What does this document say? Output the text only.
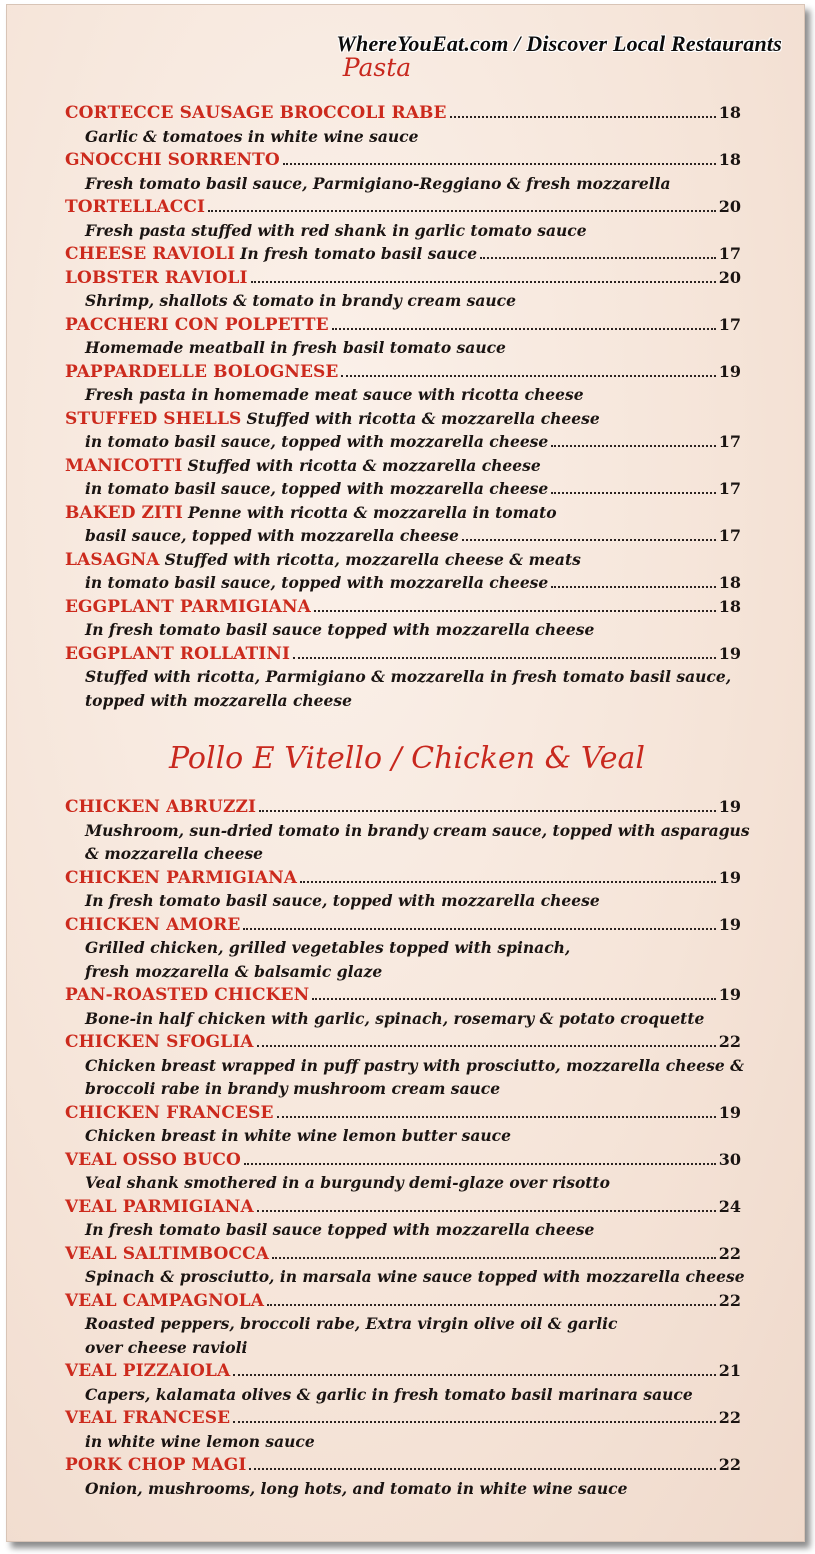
WhereYouEat.com / Discover Local Restaurants
Pasta
CORTECCE SAUSAGE BROCCOLI RABE	18
Garlic & tomatoes in white wine sauce
GNOCCHI SORRENTO	18
Fresh tomato basil sauce, Parmigiano-Reggiano & fresh mozzarella
TORTELLACCI	20
Fresh pasta stuffed with red shank in garlic tomato sauce
CHEESE RAVIOLI
In fresh tomato basil sauce	17
LOBSTER RAVIOLI	20
Shrimp, shallots & tomato in brandy cream sauce
PACCHERI CON POLPETTE	17
Homemade meatball in fresh basil tomato sauce
PAPPARDELLE BOLOGNESE	19
Fresh pasta in homemade meat sauce with ricotta cheese
STUFFED SHELLS
Stuffed with ricotta & mozzarella cheese
in tomato basil sauce, topped with mozzarella cheese	17
MANICOTTI
Stuffed with ricotta & mozzarella cheese
in tomato basil sauce, topped with mozzarella cheese	17
BAKED ZITI
Penne with ricotta & mozzarella in tomato
basil sauce, topped with mozzarella cheese	17
LASAGNA
Stuffed with ricotta, mozzarella cheese & meats
in tomato basil sauce, topped with mozzarella cheese	18
EGGPLANT PARMIGIANA	18
In fresh tomato basil sauce topped with mozzarella cheese
EGGPLANT ROLLATINI	19
Stuffed with ricotta, Parmigiano & mozzarella in fresh tomato basil sauce,
topped with mozzarella cheese
Pollo E Vitello / Chicken & Veal
CHICKEN ABRUZZI	19
Mushroom, sun-dried tomato in brandy cream sauce, topped with asparagus
& mozzarella cheese
CHICKEN PARMIGIANA	19
In fresh tomato basil sauce, topped with mozzarella cheese
CHICKEN AMORE	19
Grilled chicken, grilled vegetables topped with spinach,
fresh mozzarella & balsamic glaze
PAN-ROASTED CHICKEN	19
Bone-in half chicken with garlic, spinach, rosemary & potato croquette
CHICKEN SFOGLIA	22
Chicken breast wrapped in puff pastry with prosciutto, mozzarella cheese &
broccoli rabe in brandy mushroom cream sauce
CHICKEN FRANCESE	19
Chicken breast in white wine lemon butter sauce
VEAL OSSO BUCO	30
Veal shank smothered in a burgundy demi-glaze over risotto
VEAL PARMIGIANA	24
In fresh tomato basil sauce topped with mozzarella cheese
VEAL SALTIMBOCCA	22
Spinach & prosciutto, in marsala wine sauce topped with mozzarella cheese
VEAL CAMPAGNOLA	22
Roasted peppers, broccoli rabe, Extra virgin olive oil & garlic
over cheese ravioli
VEAL PIZZAIOLA	21
Capers, kalamata olives & garlic in fresh tomato basil marinara sauce
VEAL FRANCESE	22
in white wine lemon sauce
PORK CHOP MAGI	22
Onion, mushrooms, long hots, and tomato in white wine sauce
